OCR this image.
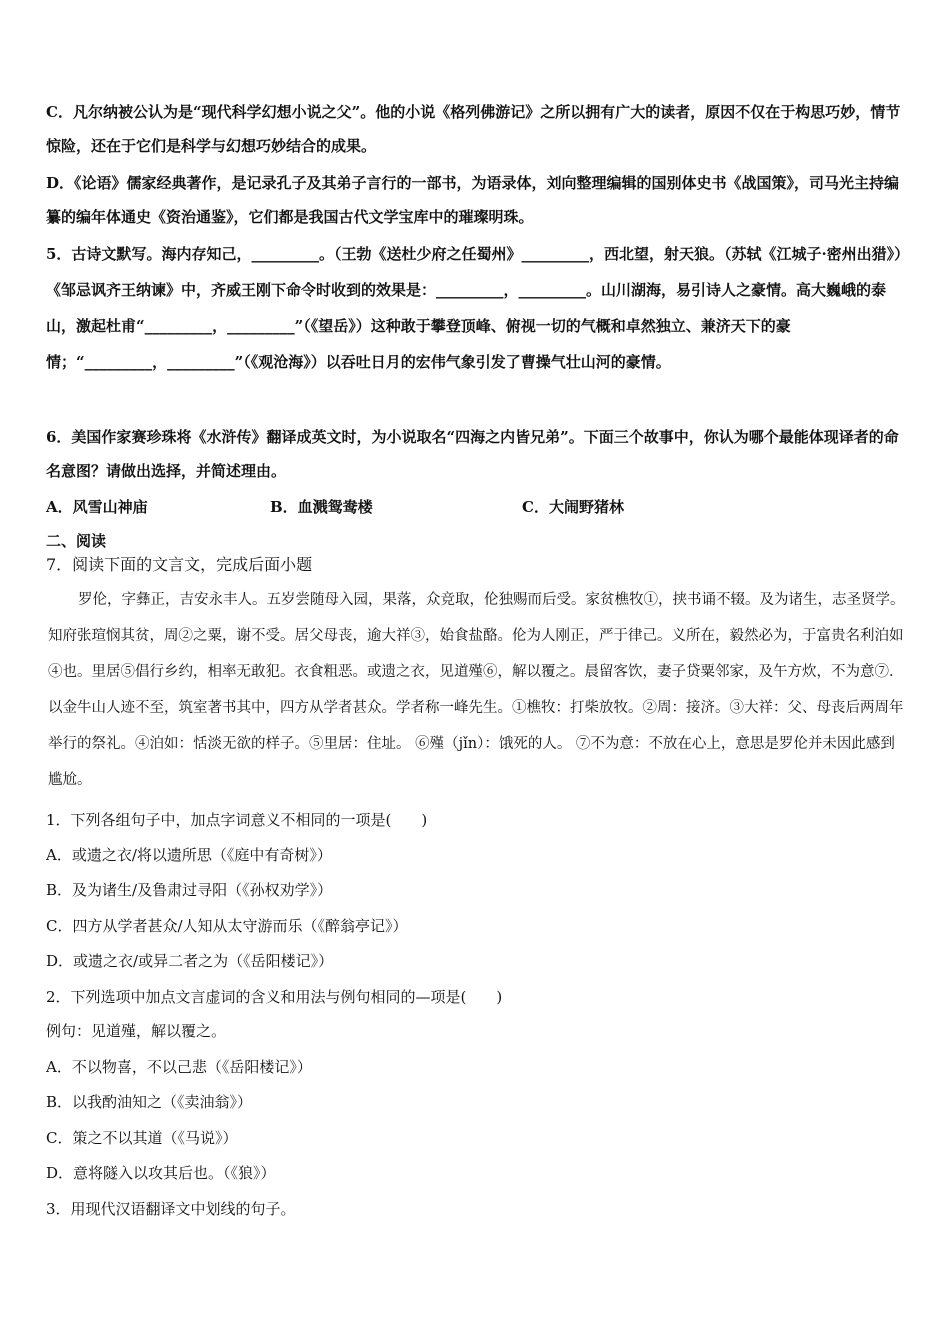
C．凡尔纳被公认为是“现代科学幻想小说之父”。他的小说《格列佛游记》之所以拥有广大的读者，原因不仅在于构思巧妙，情节惊险，还在于它们是科学与幻想巧妙结合的成果。
D．《论语》儒家经典著作，是记录孔子及其弟子言行的一部书，为语录体，刘向整理编辑的国别体史书《战国策》，司马光主持编纂的编年体通史《资治通鉴》，它们都是我国古代文学宝库中的璀璨明珠。
5．古诗文默写。海内存知己，_________。（王勃《送杜少府之任蜀州》_________，西北望，射天狼。（苏轼《江城子·密州出猎》）《邹忌讽齐王纳谏》中，齐威王刚下命令时收到的效果是：_________，_________。山川湖海，易引诗人之豪情。高大巍峨的泰山，激起杜甫“_________，_________”（《望岳》）这种敢于攀登顶峰、俯视一切的气概和卓然独立、兼济天下的豪情；“_________，_________”（《观沧海》）以吞吐日月的宏伟气象引发了曹操气壮山河的豪情。
6．美国作家赛珍珠将《水浒传》翻译成英文时，为小说取名“四海之内皆兄弟”。下面三个故事中，你认为哪个最能体现译者的命名意图？请做出选择，并简述理由。
A．风雪山神庙	B．血溅鸳鸯楼	C．大闹野猪林
二、阅读
7．阅读下面的文言文，完成后面小题
罗伦，字彝正，吉安永丰人。五岁尝随母入园，果落，众竞取，伦独赐而后受。家贫樵牧①，挟书诵不辍。及为诸生，志圣贤学。知府张瑄悯其贫，周②之粟，谢不受。居父母丧，逾大祥③，始食盐酪。伦为人刚正，严于律己。义所在，毅然必为，于富贵名利泊如④也。里居⑤倡行乡约，相率无敢犯。衣食粗恶。或遗之衣，见道殣⑥，解以覆之。晨留客饮，妻子贷粟邻家，及午方炊，不为意⑦．以金牛山人迹不至，筑室著书其中，四方从学者甚众。学者称一峰先生。①樵牧：打柴放牧。②周：接济。③大祥：父、母丧后两周年举行的祭礼。④泊如：恬淡无欲的样子。⑤里居：住址。 ⑥殣（jǐn）：饿死的人。 ⑦不为意：不放在心上，意思是罗伦并未因此感到尴尬。
1．下列各组句子中，加点字词意义不相同的一项是(　　)
A．或遗之衣/将以遗所思（《庭中有奇树》）
B．及为诸生/及鲁肃过寻阳（《孙权劝学》）
C．四方从学者甚众/人知从太守游而乐（《醉翁亭记》）
D．或遗之衣/或异二者之为（《岳阳楼记》）
2．下列选项中加点文言虚词的含义和用法与例句相同的—项是(　　)
例句：见道殣，解以覆之。
A．不以物喜，不以己悲（《岳阳楼记》）
B．以我酌油知之（《卖油翁》）
C．策之不以其道（《马说》）
D．意将隧入以攻其后也。（《狼》）
3．用现代汉语翻译文中划线的句子。
